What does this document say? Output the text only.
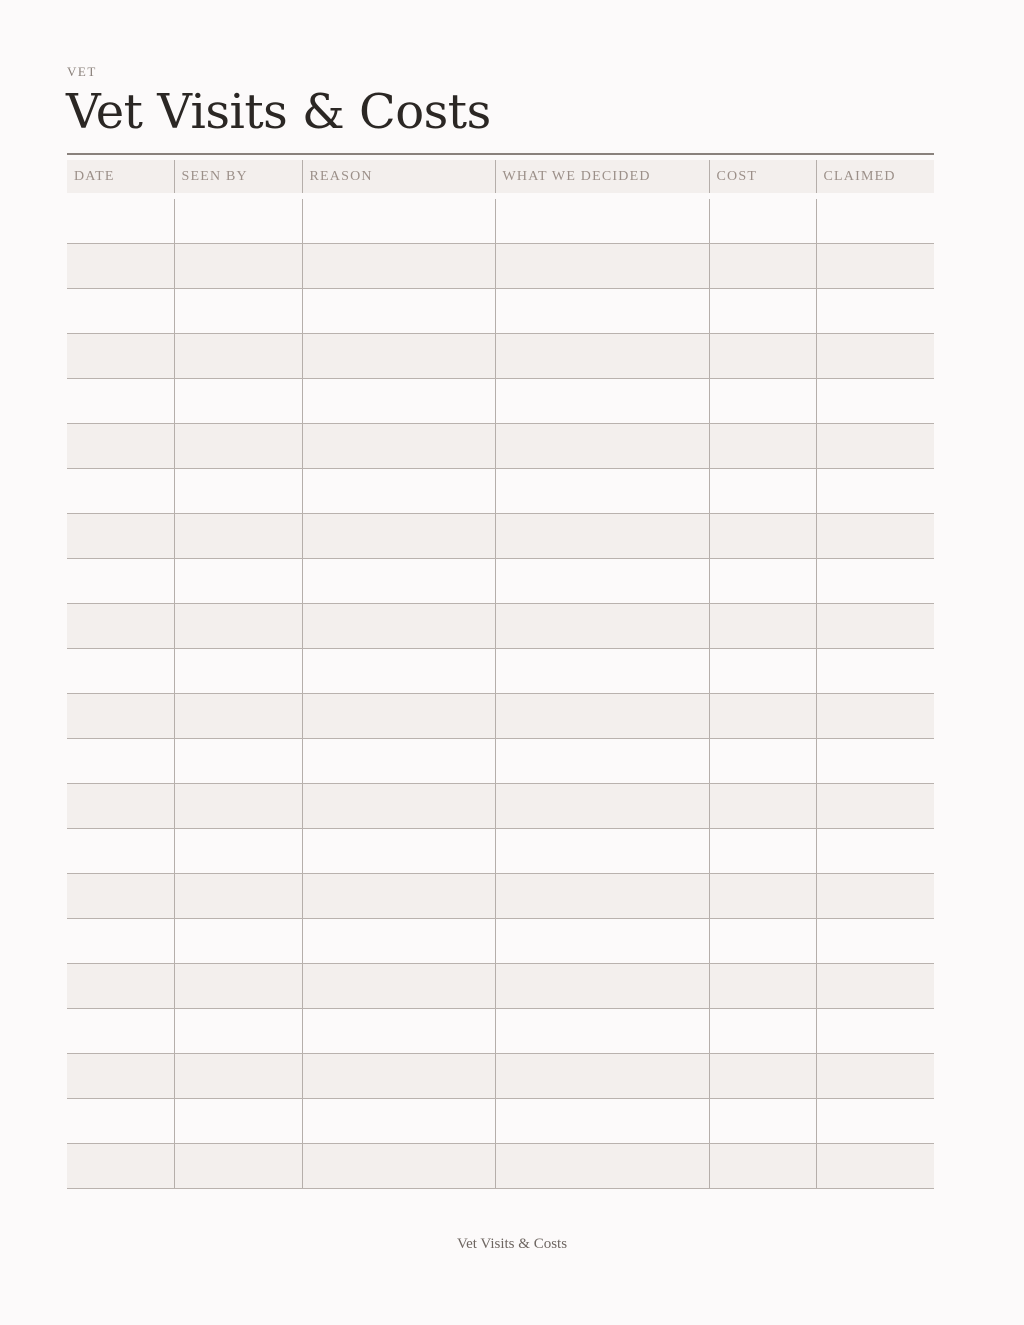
VET
Vet Visits & Costs
DATE	SEEN BY	REASON	WHAT WE DECIDED	COST	CLAIMED

Vet Visits & Costs
